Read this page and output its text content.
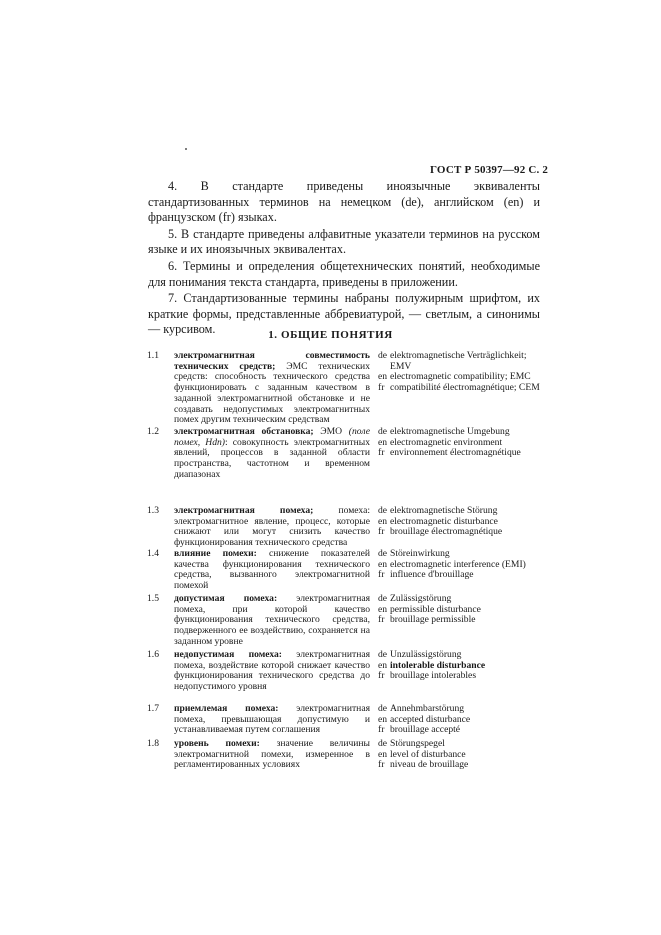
ГОСТ Р 50397—92 С. 2

4. В стандарте приведены иноязычные эквиваленты стандартизованных терминов на немецком (de), английском (en) и французском (fr) языках.

5. В стандарте приведены алфавитные указатели терминов на русском языке и их иноязычных эквивалентах.

6. Термины и определения общетехнических понятий, необходимые для понимания текста стандарта, приведены в приложении.

7. Стандартизованные термины набраны полужирным шрифтом, их краткие формы, представленные аббревиатурой, — светлым, а синонимы — курсивом.	1. ОБЩИЕ ПОНЯТИЯ
1.1	электромагнитная совместимость технических средств; ЭМС технических средств: способность технического средства функционировать с заданным качеством в заданной электромагнитной обстановке и не создавать недопустимых электромагнитных помех другим техническим средствам
de elektromagnetische Verträglichkeit; EMV
en electromagnetic compatibility; EMC
fr compatibilité électromagnétique; CEM
1.2	электромагнитная обстановка; ЭМО (поле помех, Нdп): совокупность электромагнитных явлений, процессов в заданной области пространства, частотном и временном диапазонах
de elektromagnetische Umgebung
en electromagnetic environment
fr environnement électromagnétique
1.3	электромагнитная помеха; помеха: электромагнитное явление, процесс, которые снижают или могут снизить качество функционирования технического средства
de elektromagnetische Störung
en electromagnetic disturbance
fr brouillage électromagnétique
1.4	влияние помехи: снижение показателей качества функционирования технического средства, вызванного электромагнитной помехой
de Störeinwirkung
en electromagnetic interference (EMI)
fr influence d'brouillage
1.5	допустимая помеха: электромагнитная помеха, при которой качество функционирования технического средства, подверженного ее воздействию, сохраняется на заданном уровне
de Zulässigstörung
en permissible disturbance
fr brouillage permissible
1.6	недопустимая помеха: электромагнитная помеха, воздействие которой снижает качество функционирования технического средства до недопустимого уровня
de Unzulässigstörung
en intolerable disturbance
fr brouillage intolerables
1.7	приемлемая помеха: электромагнитная помеха, превышающая допустимую и устанавливаемая путем соглашения
de Annehmbarstörung
en accepted disturbance
fr brouillage accepté
1.8	уровень помехи: значение величины электромагнитной помехи, измеренное в регламентированных условиях
de Störungspegel
en level of disturbance
fr niveau de brouillage
